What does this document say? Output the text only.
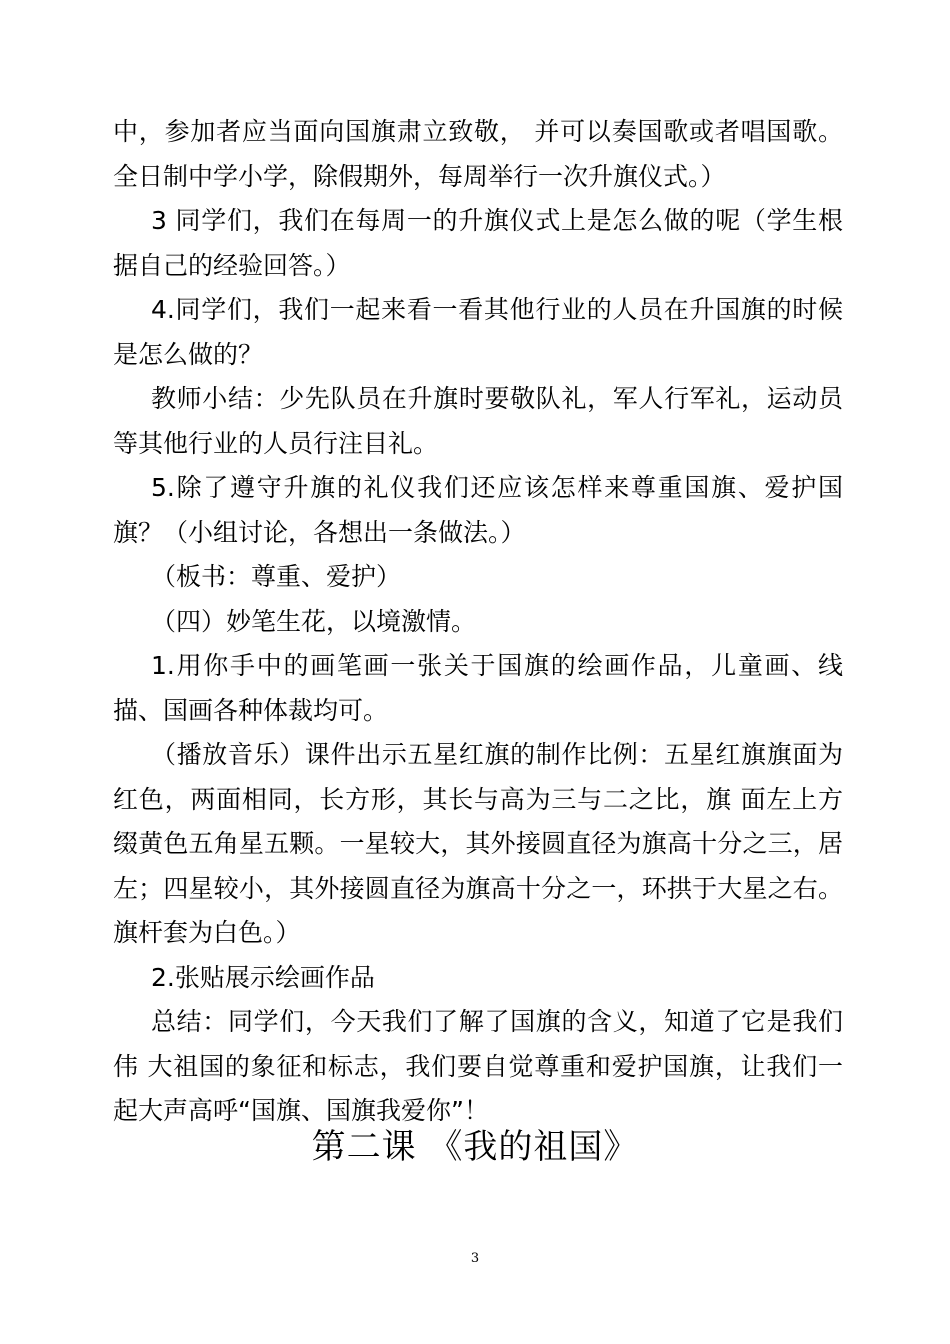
中，参加者应当面向国旗肃立致敬， 并可以奏国歌或者唱国歌。全日制中学小学，除假期外，每周举行一次升旗仪式。）

3 同学们，我们在每周一的升旗仪式上是怎么做的呢（学生根据自己的经验回答。）

4.同学们，我们一起来看一看其他行业的人员在升国旗的时候是怎么做的？

教师小结：少先队员在升旗时要敬队礼，军人行军礼，运动员等其他行业的人员行注目礼。

5.除了遵守升旗的礼仪我们还应该怎样来尊重国旗、爱护国旗？（小组讨论，各想出一条做法。）

（板书：尊重、爱护）

（四）妙笔生花，以境激情。

1.用你手中的画笔画一张关于国旗的绘画作品，儿童画、线描、国画各种体裁均可。

（播放音乐）课件出示五星红旗的制作比例：五星红旗旗面为红色，两面相同，长方形，其长与高为三与二之比，旗 面左上方缀黄色五角星五颗。一星较大，其外接圆直径为旗高十分之三，居左；四星较小，其外接圆直径为旗高十分之一，环拱于大星之右。旗杆套为白色。）

2.张贴展示绘画作品

总结：同学们，今天我们了解了国旗的含义，知道了它是我们伟 大祖国的象征和标志，我们要自觉尊重和爱护国旗，让我们一起大声高呼“国旗、国旗我爱你”！

第二课 《我的祖国》
3
